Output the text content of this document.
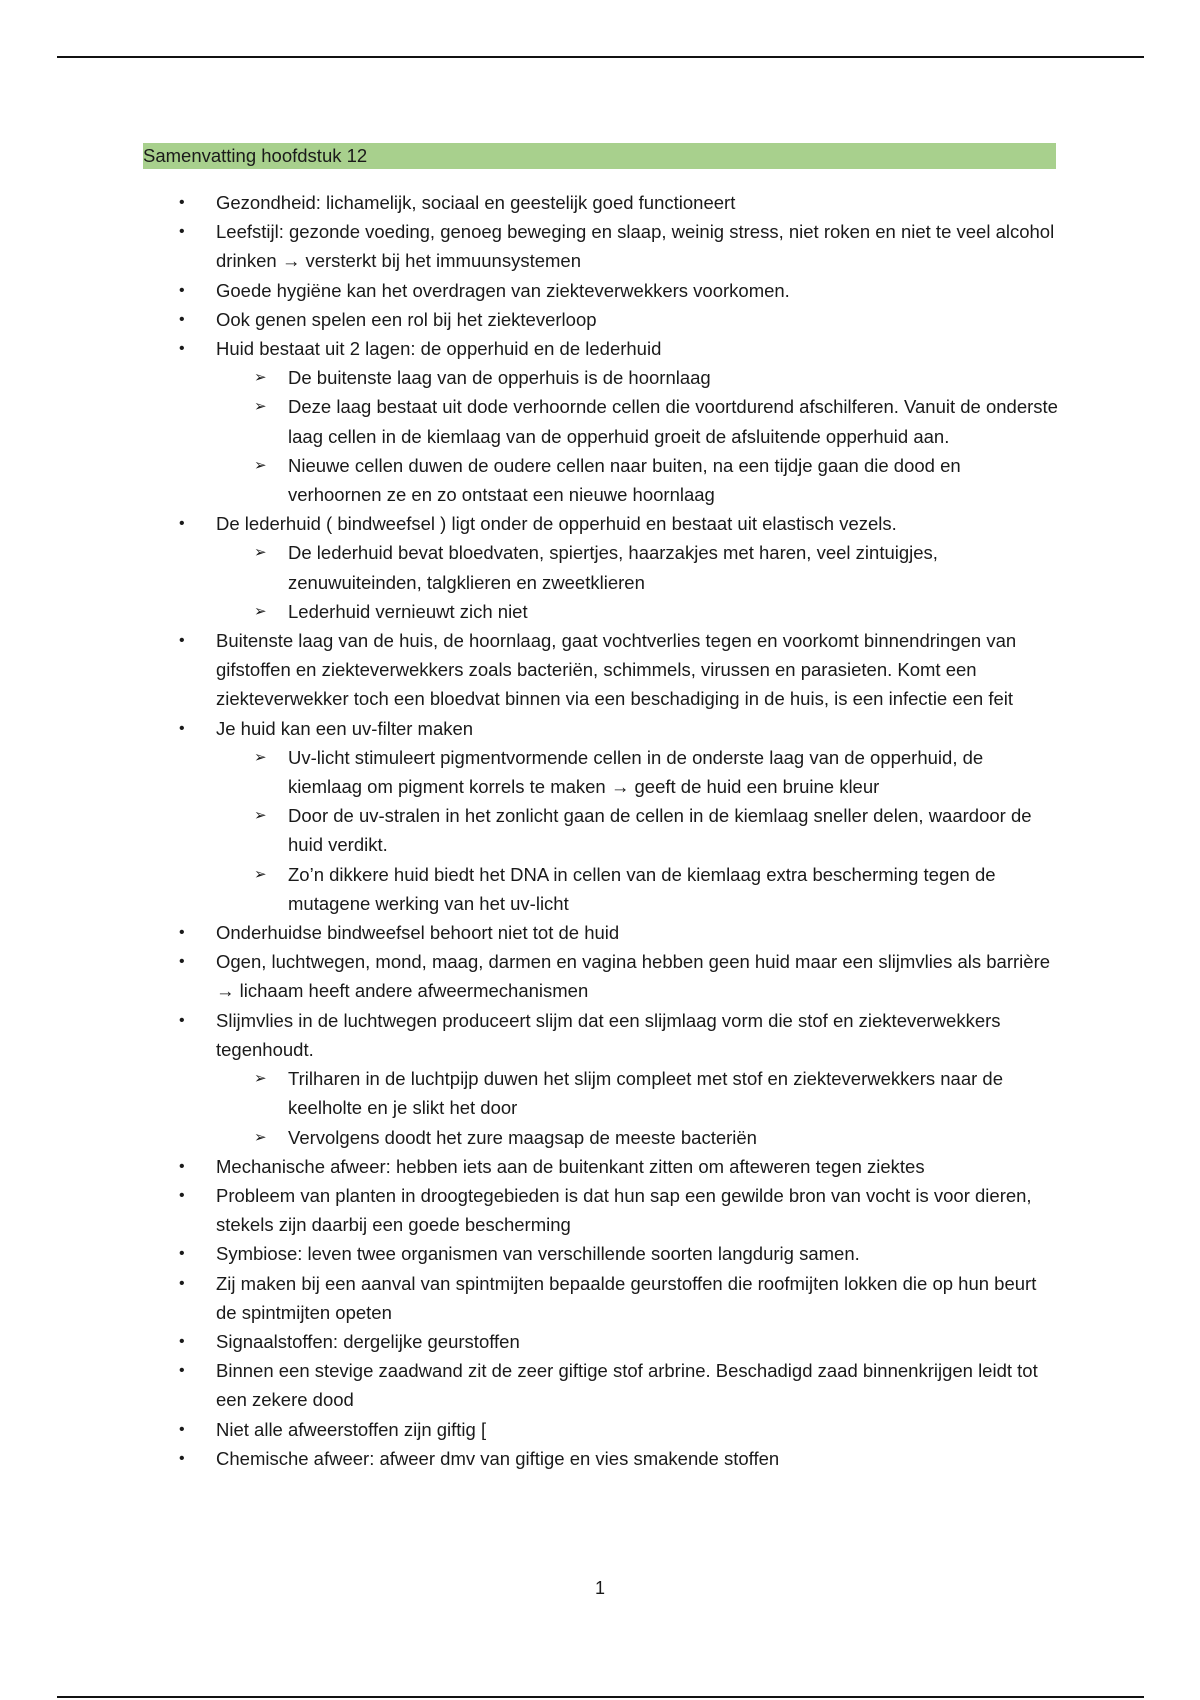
Samenvatting hoofdstuk 12
• Gezondheid: lichamelijk, sociaal en geestelijk goed functioneert
• Leefstijl: gezonde voeding, genoeg beweging en slaap, weinig stress, niet roken en niet te veel alcohol drinken → versterkt bij het immuunsystemen
• Goede hygiëne kan het overdragen van ziekteverwekkers voorkomen.
• Ook genen spelen een rol bij het ziekteverloop
• Huid bestaat uit 2 lagen: de opperhuid en de lederhuid
➢ De buitenste laag van de opperhuis is de hoornlaag
➢ Deze laag bestaat uit dode verhoornde cellen die voortdurend afschilferen. Vanuit de onderste laag cellen in de kiemlaag van de opperhuid groeit de afsluitende opperhuid aan.
➢ Nieuwe cellen duwen de oudere cellen naar buiten, na een tijdje gaan die dood en verhoornen ze en zo ontstaat een nieuwe hoornlaag
• De lederhuid ( bindweefsel ) ligt onder de opperhuid en bestaat uit elastisch vezels.
➢ De lederhuid bevat bloedvaten, spiertjes, haarzakjes met haren, veel zintuigjes, zenuwuiteinden, talgklieren en zweetklieren
➢ Lederhuid vernieuwt zich niet
• Buitenste laag van de huis, de hoornlaag, gaat vochtverlies tegen en voorkomt binnendringen van gifstoffen en ziekteverwekkers zoals bacteriën, schimmels, virussen en parasieten. Komt een ziekteverwekker toch een bloedvat binnen via een beschadiging in de huis, is een infectie een feit
• Je huid kan een uv-filter maken
➢ Uv-licht stimuleert pigmentvormende cellen in de onderste laag van de opperhuid, de kiemlaag om pigment korrels te maken → geeft de huid een bruine kleur
➢ Door de uv-stralen in het zonlicht gaan de cellen in de kiemlaag sneller delen, waardoor de huid verdikt.
➢ Zo’n dikkere huid biedt het DNA in cellen van de kiemlaag extra bescherming tegen de mutagene werking van het uv-licht
• Onderhuidse bindweefsel behoort niet tot de huid
• Ogen, luchtwegen, mond, maag, darmen en vagina hebben geen huid maar een slijmvlies als barrière → lichaam heeft andere afweermechanismen
• Slijmvlies in de luchtwegen produceert slijm dat een slijmlaag vorm die stof en ziekteverwekkers tegenhoudt.
➢ Trilharen in de luchtpijp duwen het slijm compleet met stof en ziekteverwekkers naar de keelholte en je slikt het door
➢ Vervolgens doodt het zure maagsap de meeste bacteriën
• Mechanische afweer: hebben iets aan de buitenkant zitten om afteweren tegen ziektes
• Probleem van planten in droogtegebieden is dat hun sap een gewilde bron van vocht is voor dieren, stekels zijn daarbij een goede bescherming
• Symbiose: leven twee organismen van verschillende soorten langdurig samen.
• Zij maken bij een aanval van spintmijten bepaalde geurstoffen die roofmijten lokken die op hun beurt de spintmijten opeten
• Signaalstoffen: dergelijke geurstoffen
• Binnen een stevige zaadwand zit de zeer giftige stof arbrine. Beschadigd zaad binnenkrijgen leidt tot een zekere dood
• Niet alle afweerstoffen zijn giftig [
• Chemische afweer: afweer dmv van giftige en vies smakende stoffen
1
